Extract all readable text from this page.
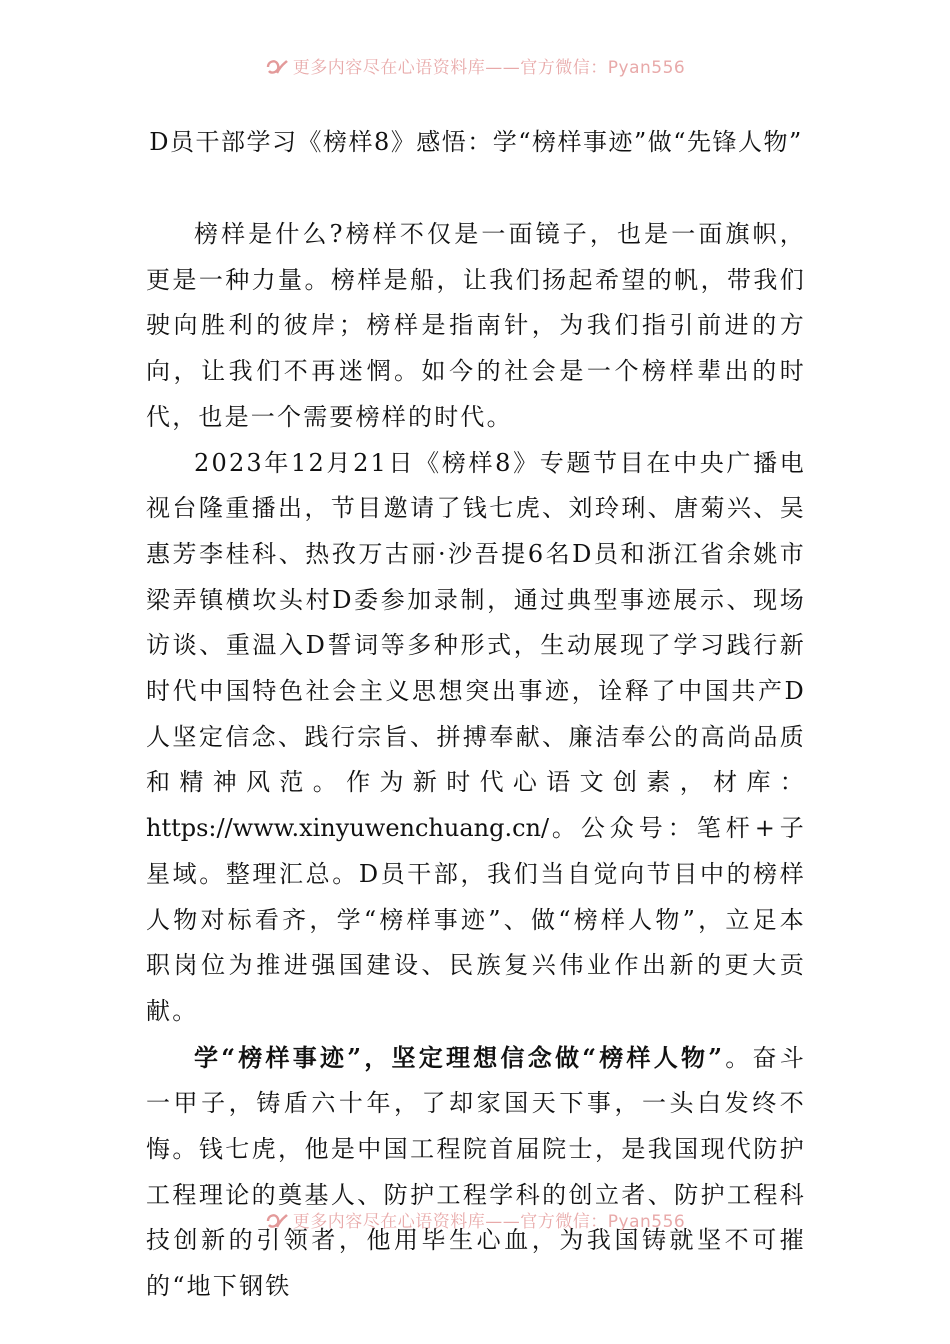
更多内容尽在心语资料库——官方微信：Pyan556
D员干部学习《榜样8》感悟：学“榜样事迹”做“先锋人物”

榜样是什么?榜样不仅是一面镜子，也是一面旗帜，更是一种力量。榜样是船，让我们扬起希望的帆，带我们驶向胜利的彼岸；榜样是指南针，为我们指引前进的方向，让我们不再迷惘。如今的社会是一个榜样辈出的时代，也是一个需要榜样的时代。

2023年12月21日《榜样8》专题节目在中央广播电视台隆重播出，节目邀请了钱七虎、刘玲琍、唐菊兴、吴惠芳李桂科、热孜万古丽·沙吾提6名D员和浙江省余姚市梁弄镇横坎头村D委参加录制，通过典型事迹展示、现场访谈、重温入D誓词等多种形式，生动展现了学习践行新时代中国特色社会主义思想突出事迹，诠释了中国共产D人坚定信念、践行宗旨、拼搏奉献、廉洁奉公的高尚品质和精神风范。作为新时代心语文创素，材库：https://www.xinyuwenchuang.cn/。公众号：笔杆+子星域。整理汇总。D员干部，我们当自觉向节目中的榜样人物对标看齐，学“榜样事迹”、做“榜样人物”，立足本职岗位为推进强国建设、民族复兴伟业作出新的更大贡献。

学“榜样事迹”，坚定理想信念做“榜样人物”。奋斗一甲子，铸盾六十年，了却家国天下事，一头白发终不悔。钱七虎，他是中国工程院首届院士，是我国现代防护工程理论的奠基人、防护工程学科的创立者、防护工程科技创新的引领者，他用毕生心血，为我国铸就坚不可摧的“地下钢铁

更多内容尽在心语资料库——官方微信：Pyan556
